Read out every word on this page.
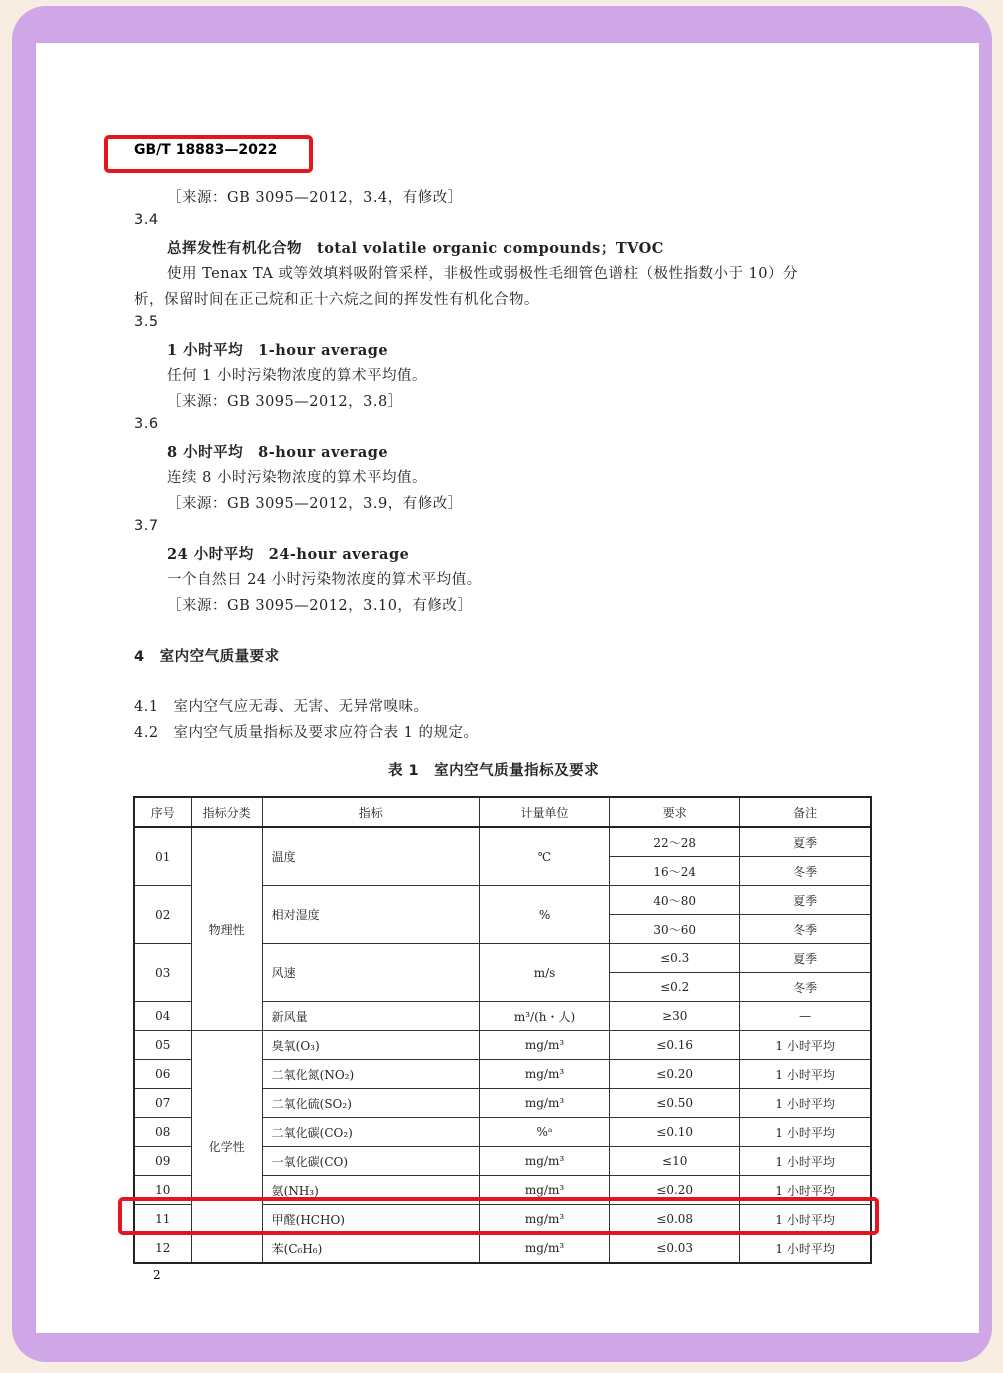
GB/T 18883—2022
［来源：GB 3095—2012，3.4，有修改］
3.4
总挥发性有机化合物　total volatile organic compounds；TVOC
使用 Tenax TA 或等效填料吸附管采样，非极性或弱极性毛细管色谱柱（极性指数小于 10）分
析，保留时间在正己烷和正十六烷之间的挥发性有机化合物。
3.5
1 小时平均　1-hour average
任何 1 小时污染物浓度的算术平均值。
［来源：GB 3095—2012，3.8］
3.6
8 小时平均　8-hour average
连续 8 小时污染物浓度的算术平均值。
［来源：GB 3095—2012，3.9，有修改］
3.7
24 小时平均　24-hour average
一个自然日 24 小时污染物浓度的算术平均值。
［来源：GB 3095—2012，3.10，有修改］
4　室内空气质量要求
4.1　室内空气应无毒、无害、无异常嗅味。
4.2　室内空气质量指标及要求应符合表 1 的规定。
表 1　室内空气质量指标及要求
序号	指标分类	指标	计量单位	要求	备注
01	物理性	温度	℃	22～28	夏季
				16～24	冬季
02		相对湿度	%	40～80	夏季
				30～60	冬季
03		风速	m/s	≤0.3	夏季
				≤0.2	冬季
04		新风量	m³/(h・人)	≥30	—
05	化学性	臭氧(O₃)	mg/m³	≤0.16	1 小时平均
06		二氧化氮(NO₂)	mg/m³	≤0.20	1 小时平均
07		二氧化硫(SO₂)	mg/m³	≤0.50	1 小时平均
08		二氧化碳(CO₂)	%ᵃ	≤0.10	1 小时平均
09		一氧化碳(CO)	mg/m³	≤10	1 小时平均
10		氨(NH₃)	mg/m³	≤0.20	1 小时平均
11		甲醛(HCHO)	mg/m³	≤0.08	1 小时平均
12		苯(C₆H₆)	mg/m³	≤0.03	1 小时平均
2
